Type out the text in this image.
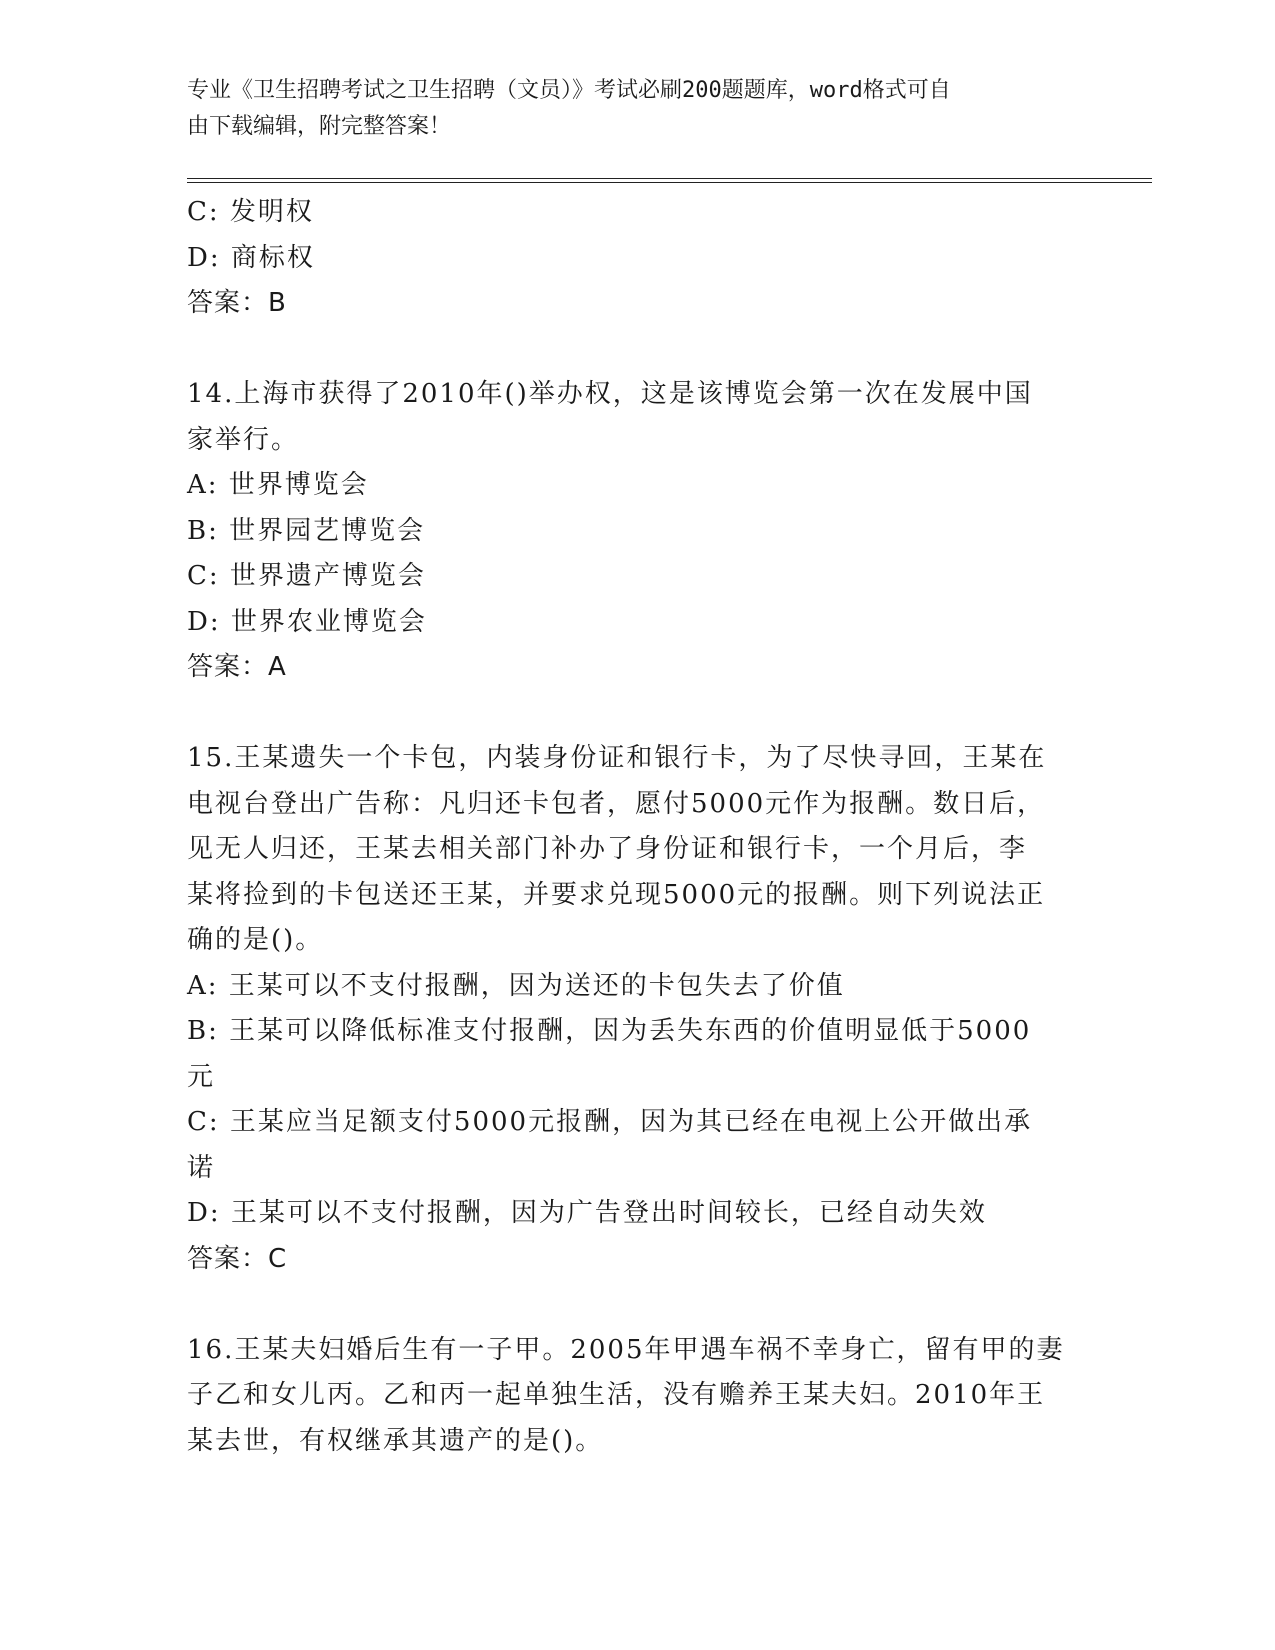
专业《卫生招聘考试之卫生招聘（文员）》考试必刷200题题库，word格式可自
由下载编辑，附完整答案！
C: 发明权
D: 商标权
答案：B
14.上海市获得了2010年()举办权，这是该博览会第一次在发展中国
家举行。
A: 世界博览会
B: 世界园艺博览会
C: 世界遗产博览会
D: 世界农业博览会
答案：A
15.王某遗失一个卡包，内装身份证和银行卡，为了尽快寻回，王某在
电视台登出广告称：凡归还卡包者，愿付5000元作为报酬。数日后，
见无人归还，王某去相关部门补办了身份证和银行卡，一个月后，李
某将捡到的卡包送还王某，并要求兑现5000元的报酬。则下列说法正
确的是()。
A: 王某可以不支付报酬，因为送还的卡包失去了价值
B: 王某可以降低标准支付报酬，因为丢失东西的价值明显低于5000
元
C: 王某应当足额支付5000元报酬，因为其已经在电视上公开做出承
诺
D: 王某可以不支付报酬，因为广告登出时间较长，已经自动失效
答案：C
16.王某夫妇婚后生有一子甲。2005年甲遇车祸不幸身亡，留有甲的妻
子乙和女儿丙。乙和丙一起单独生活，没有赡养王某夫妇。2010年王
某去世，有权继承其遗产的是()。
